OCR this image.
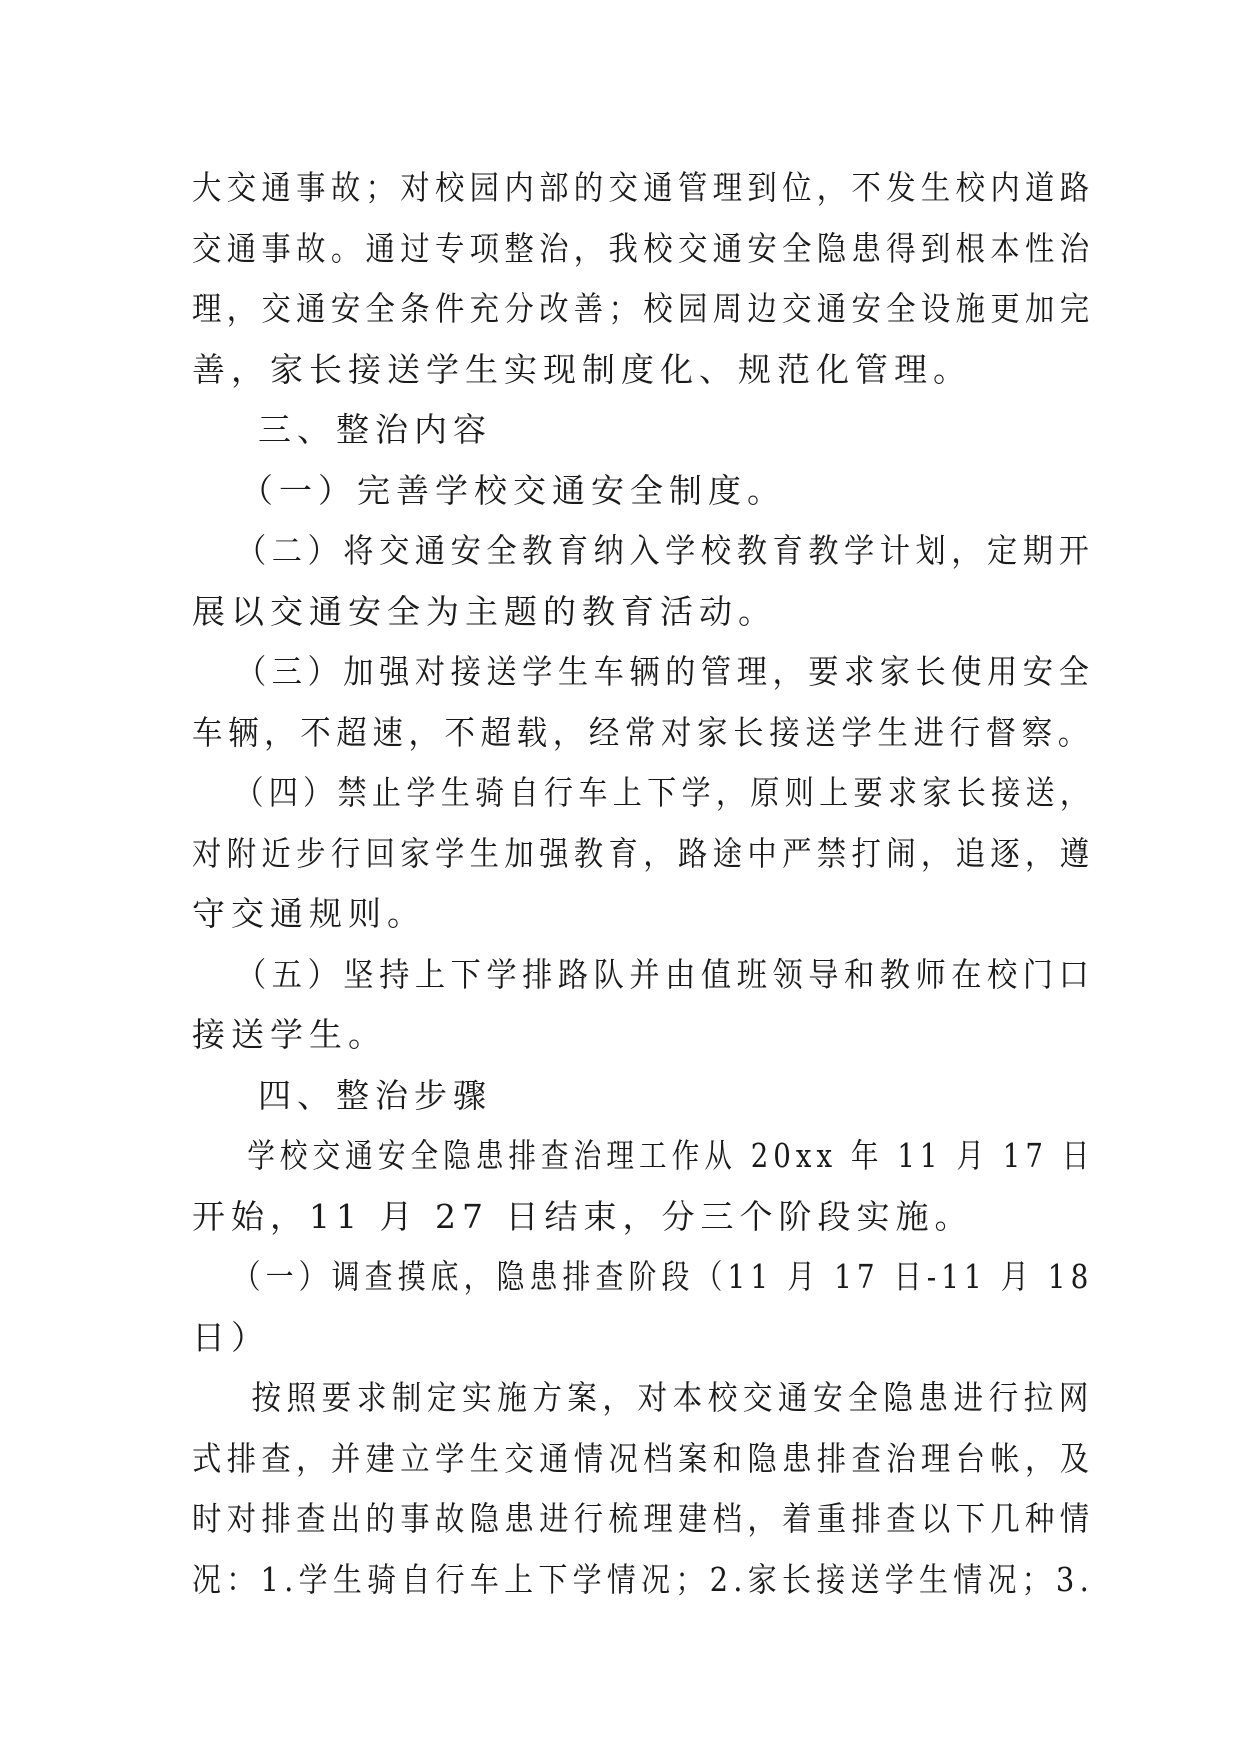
大交通事故；对校园内部的交通管理到位，不发生校内道路
交通事故。通过专项整治，我校交通安全隐患得到根本性治
理，交通安全条件充分改善；校园周边交通安全设施更加完
善，家长接送学生实现制度化、规范化管理。
三、整治内容
（一）完善学校交通安全制度。
（二）将交通安全教育纳入学校教育教学计划，定期开
展以交通安全为主题的教育活动。
（三）加强对接送学生车辆的管理，要求家长使用安全
车辆，不超速，不超载，经常对家长接送学生进行督察。
（四）禁止学生骑自行车上下学，原则上要求家长接送，
对附近步行回家学生加强教育，路途中严禁打闹，追逐，遵
守交通规则。
（五）坚持上下学排路队并由值班领导和教师在校门口
接送学生。
四、整治步骤
学校交通安全隐患排查治理工作从 20xx 年 11 月 17 日
开始，11 月 27 日结束，分三个阶段实施。
（一）调查摸底，隐患排查阶段（11 月 17 日-11 月 18
日）
按照要求制定实施方案，对本校交通安全隐患进行拉网
式排查，并建立学生交通情况档案和隐患排查治理台帐，及
时对排查出的事故隐患进行梳理建档，着重排查以下几种情
况：1.学生骑自行车上下学情况；2.家长接送学生情况；3.
